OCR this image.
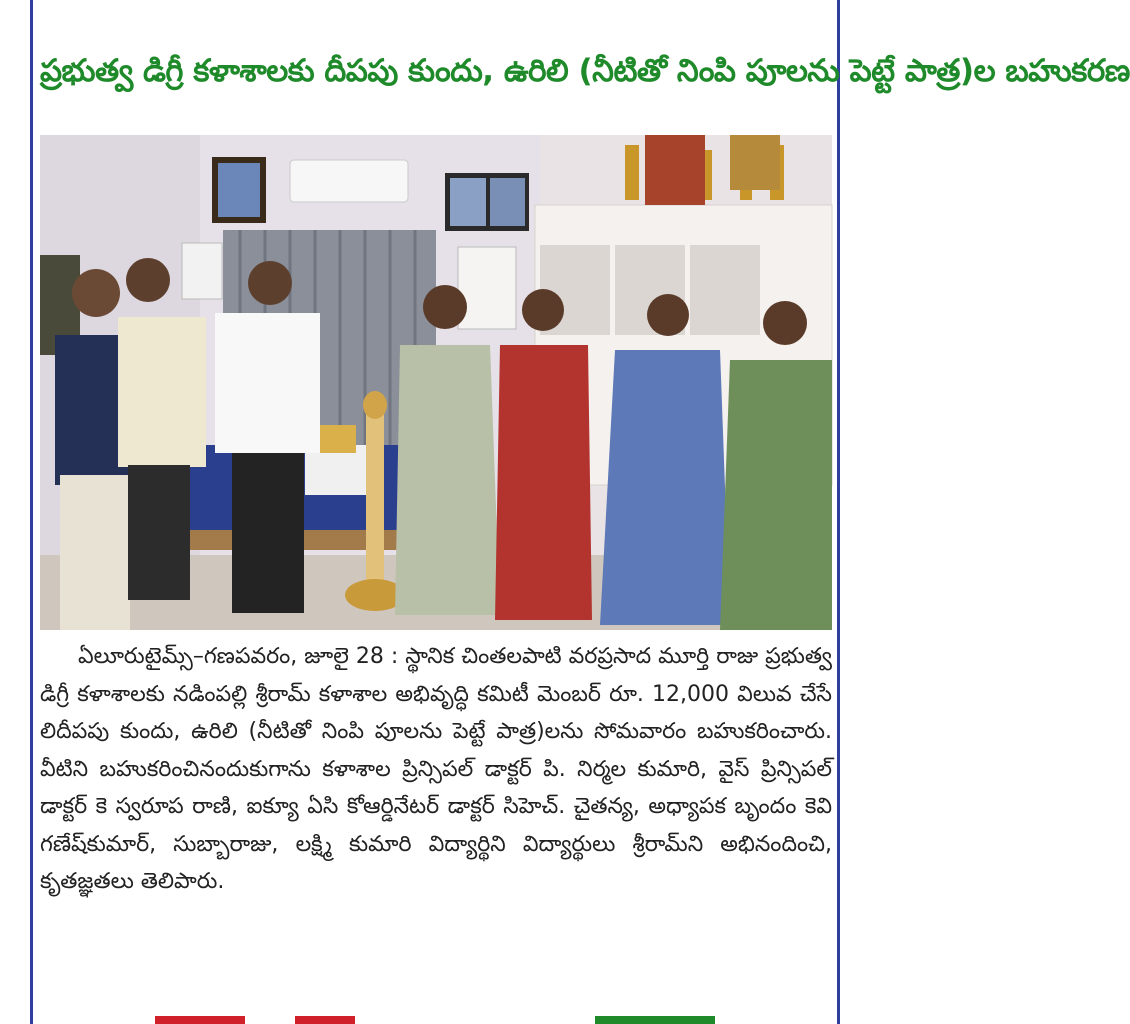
ప్రభుత్వ డిగ్రీ కళాశాలకు దీపపు కుందు, ఉరిలి (నీటితో నింపి పూలను పెట్టే పాత్ర)ల బహుకరణ

ఏలూరుటైమ్స్–గణపవరం, జూలై 28 : స్థానిక చింతలపాటి వరప్రసాద మూర్తి రాజు ప్రభుత్వ డిగ్రీ కళాశాలకు నడింపల్లి శ్రీరామ్ కళాశాల అభివృద్ధి కమిటీ మెంబర్ రూ. 12,000 విలువ చేసే లిదీపపు కుందు, ఉరిలి (నీటితో నింపి పూలను పెట్టే పాత్ర)లను సోమవారం బహుకరించారు. వీటిని బహుకరించినందుకుగాను కళాశాల ప్రిన్సిపల్ డాక్టర్ పి. నిర్మల కుమారి, వైస్ ప్రిన్సిపల్ డాక్టర్ కె స్వరూప రాణి, ఐక్యూ ఏసి కోఆర్డినేటర్ డాక్టర్ సిహెచ్. చైతన్య, అధ్యాపక బృందం కెవి గణేష్‌కుమార్, సుబ్బారాజు, లక్ష్మి కుమారి విద్యార్థిని విద్యార్థులు శ్రీరామ్‌ని అభినందించి, కృతజ్ఞతలు తెలిపారు.
